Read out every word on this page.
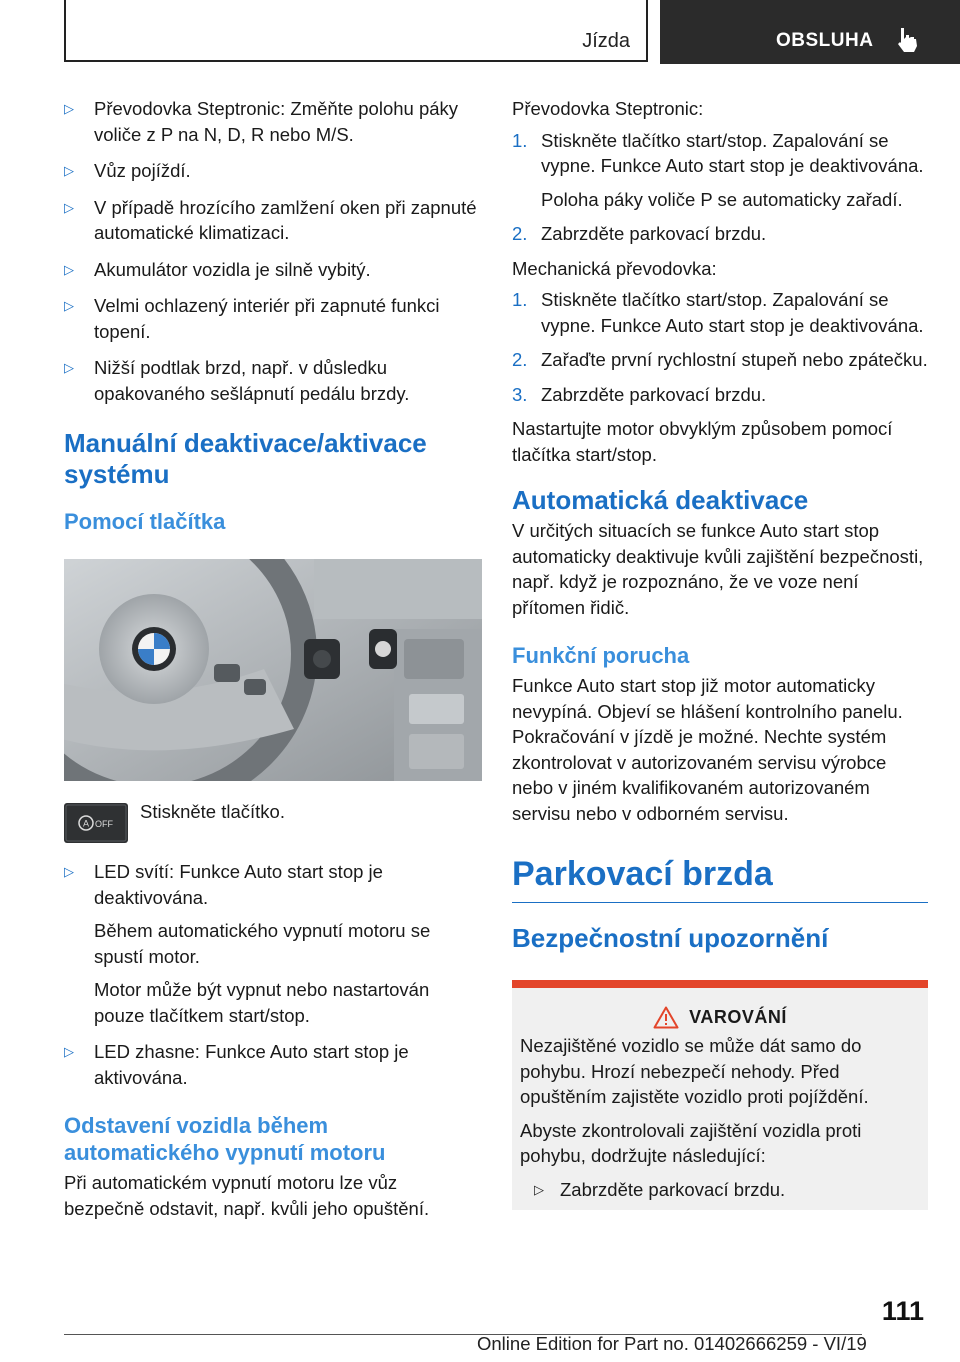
Jízda	OBSLUHA
▷ Převodovka Steptronic: Změňte polohu páky voliče z P na N, D, R nebo M/S.
▷ Vůz pojíždí.
▷ V případě hrozícího zamlžení oken při zapnuté automatické klimatizaci.
▷ Akumulátor vozidla je silně vybitý.
▷ Velmi ochlazený interiér při zapnuté funkci topení.
▷ Nižší podtlak brzd, např. v důsledku opakovaného sešlápnutí pedálu brzdy.
Manuální deaktivace/aktivace systému
Pomocí tlačítka
A OFF
Stiskněte tlačítko.
▷ LED svítí: Funkce Auto start stop je deaktivována.

Během automatického vypnutí motoru se spustí motor.

Motor může být vypnut nebo nastartován pouze tlačítkem start/stop.

▷ LED zhasne: Funkce Auto start stop je aktivována.

Odstavení vozidla během automatického vypnutí motoru

Při automatickém vypnutí motoru lze vůz bezpečně odstavit, např. kvůli jeho opuštění.

Převodovka Steptronic:

1. Stiskněte tlačítko start/stop. Zapalování se vypne. Funkce Auto start stop je deaktivována.

Poloha páky voliče P se automaticky zařadí.

2. Zabrzděte parkovací brzdu.

Mechanická převodovka:

1. Stiskněte tlačítko start/stop. Zapalování se vypne. Funkce Auto start stop je deaktivována.

2. Zařaďte první rychlostní stupeň nebo zpátečku.

3. Zabrzděte parkovací brzdu.

Nastartujte motor obvyklým způsobem pomocí tlačítka start/stop.

Automatická deaktivace

V určitých situacích se funkce Auto start stop automaticky deaktivuje kvůli zajištění bezpečnosti, např. když je rozpoznáno, že ve voze není přítomen řidič.

Funkční porucha

Funkce Auto start stop již motor automaticky nevypíná. Objeví se hlášení kontrolního panelu. Pokračování v jízdě je možné. Nechte systém zkontrolovat v autorizovaném servisu výrobce nebo v jiném kvalifikovaném autorizovaném servisu nebo v odborném servisu.

Parkovací brzda
Bezpečnostní upozornění
VAROVÁNÍ

Nezajištěné vozidlo se může dát samo do pohybu. Hrozí nebezpečí nehody. Před opuštěním zajistěte vozidlo proti pojíždění.

Abyste zkontrolovali zajištění vozidla proti pohybu, dodržujte následující:

▷ Zabrzděte parkovací brzdu.
111
Online Edition for Part no. 01402666259 - VI/19
